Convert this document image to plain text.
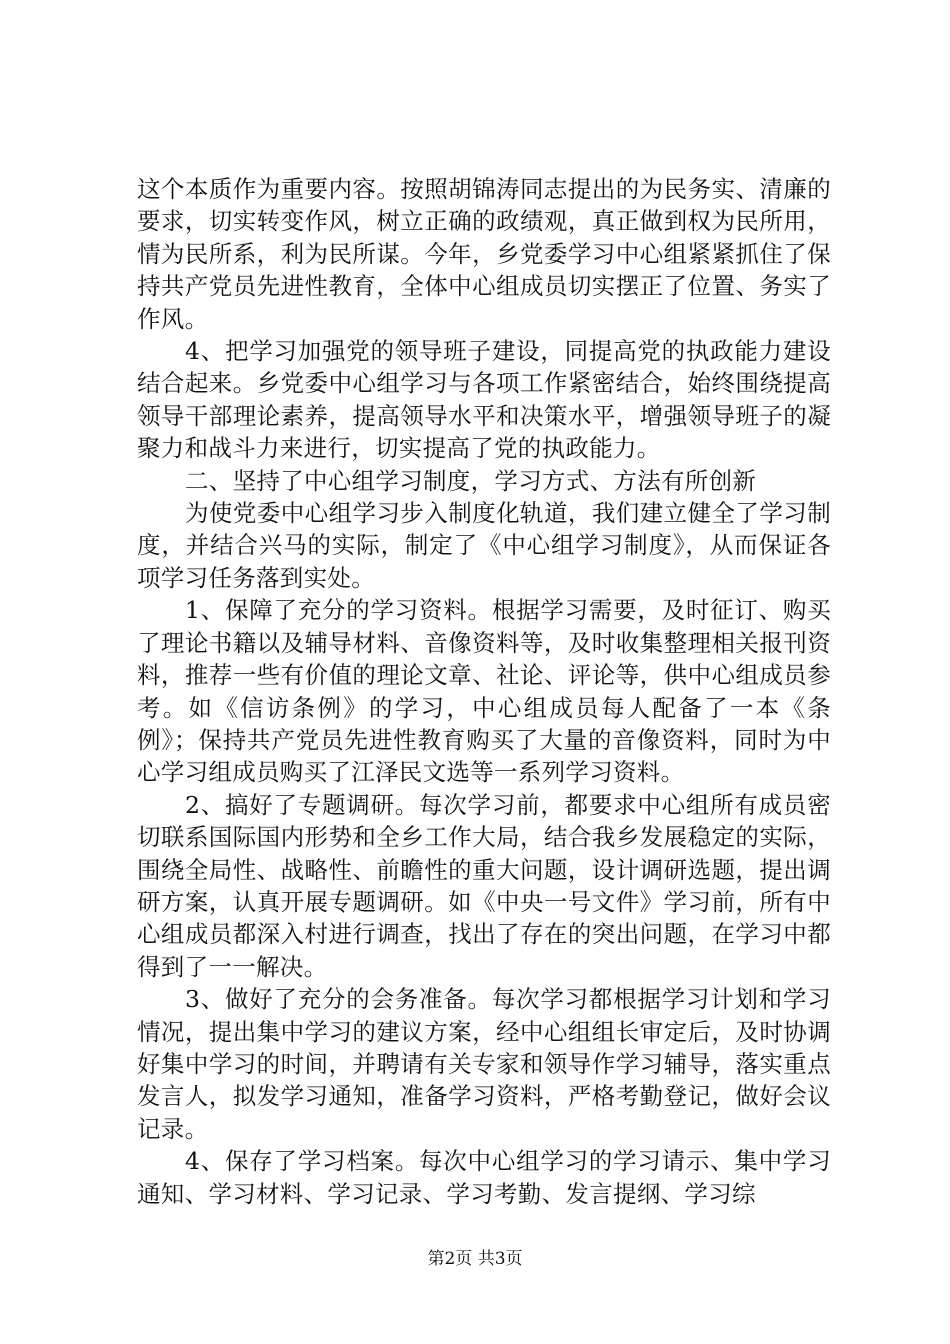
这个本质作为重要内容。按照胡锦涛同志提出的为民务实、清廉的要求，切实转变作风，树立正确的政绩观，真正做到权为民所用，情为民所系，利为民所谋。今年，乡党委学习中心组紧紧抓住了保持共产党员先进性教育，全体中心组成员切实摆正了位置、务实了作风。

4、把学习加强党的领导班子建设，同提高党的执政能力建设结合起来。乡党委中心组学习与各项工作紧密结合，始终围绕提高领导干部理论素养，提高领导水平和决策水平，增强领导班子的凝聚力和战斗力来进行，切实提高了党的执政能力。

二、坚持了中心组学习制度，学习方式、方法有所创新

为使党委中心组学习步入制度化轨道，我们建立健全了学习制度，并结合兴马的实际，制定了《中心组学习制度》，从而保证各项学习任务落到实处。

1、保障了充分的学习资料。根据学习需要，及时征订、购买了理论书籍以及辅导材料、音像资料等，及时收集整理相关报刊资料，推荐一些有价值的理论文章、社论、评论等，供中心组成员参考。如《信访条例》的学习，中心组成员每人配备了一本《条例》；保持共产党员先进性教育购买了大量的音像资料，同时为中心学习组成员购买了江泽民文选等一系列学习资料。

2、搞好了专题调研。每次学习前，都要求中心组所有成员密切联系国际国内形势和全乡工作大局，结合我乡发展稳定的实际，围绕全局性、战略性、前瞻性的重大问题，设计调研选题，提出调研方案，认真开展专题调研。如《中央一号文件》学习前，所有中心组成员都深入村进行调查，找出了存在的突出问题，在学习中都得到了一一解决。

3、做好了充分的会务准备。每次学习都根据学习计划和学习情况，提出集中学习的建议方案，经中心组组长审定后，及时协调好集中学习的时间，并聘请有关专家和领导作学习辅导，落实重点发言人，拟发学习通知，准备学习资料，严格考勤登记，做好会议记录。

4、保存了学习档案。每次中心组学习的学习请示、集中学习通知、学习材料、学习记录、学习考勤、发言提纲、学习综

第2页 共3页
